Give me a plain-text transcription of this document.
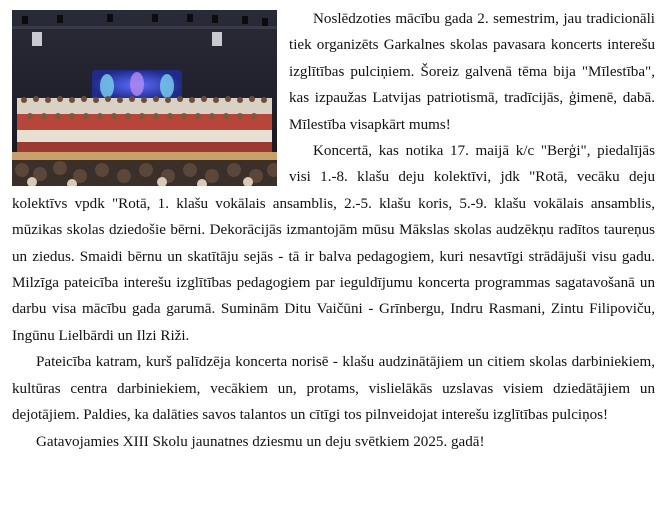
Noslēdzoties mācību gada 2. semestrim, jau tradicionāli tiek organizēts Garkalnes skolas pavasara koncerts interešu izglītības pulciņiem. Šoreiz galvenā tēma bija "Mīlestība", kas izpaužas Latvijas patriotismā, tradīcijās, ģimenē, dabā. Mīlestība visapkārt mums!

Koncertā, kas notika 17. maijā k/c "Berģi", piedalījās visi 1.-8. klašu deju kolektīvi, jdk "Rotā, vecāku deju kolektīvs vpdk "Rotā, 1. klašu vokālais ansamblis, 2.-5. klašu koris, 5.-9. klašu vokālais ansamblis, mūzikas skolas dziedošie bērni. Dekorācijās izmantojām mūsu Mākslas skolas audzēkņu radītos taureņus un ziedus. Smaidi bērnu un skatītāju sejās - tā ir balva pedagogiem, kuri nesavtīgi strādājuši visu gadu. Milzīga pateicība interešu izglītības pedagogiem par ieguldījumu koncerta programmas sagatavošanā un darbu visa mācību gada garumā. Suminām Ditu Vaičūni - Grīnbergu, Indru Rasmani, Zintu Filipoviču, Ingūnu Lielbārdi un Ilzi Riži.

Pateicība katram, kurš palīdzēja koncerta norisē - klašu audzinātājiem un citiem skolas darbiniekiem, kultūras centra darbiniekiem, vecākiem un, protams, vislielākās uzslavas visiem dziedātājiem un dejotājiem. Paldies, ka dalāties savos talantos un cītīgi tos pilnveidojat interešu izglītības pulciņos!

Gatavojamies XIII Skolu jaunatnes dziesmu un deju svētkiem 2025. gadā!
